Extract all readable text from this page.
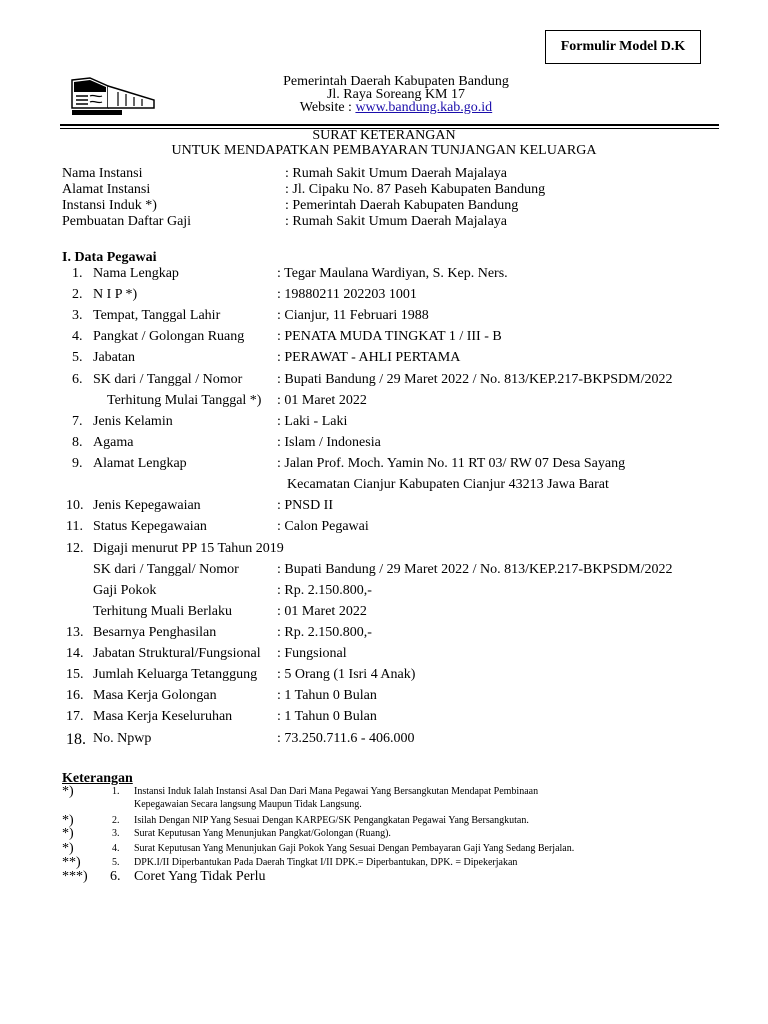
Formulir Model D.K
Pemerintah Daerah Kabupaten Bandung
Jl. Raya Soreang KM 17
Website : www.bandung.kab.go.id
SURAT KETERANGAN
UNTUK MENDAPATKAN PEMBAYARAN TUNJANGAN KELUARGA
Nama Instansi	: Rumah Sakit Umum Daerah Majalaya
Alamat Instansi	: Jl. Cipaku No. 87 Paseh Kabupaten Bandung
Instansi Induk *)	: Pemerintah Daerah Kabupaten Bandung
Pembuatan Daftar Gaji	: Rumah Sakit Umum Daerah Majalaya
I. Data Pegawai
1. Nama Lengkap	: Tegar Maulana Wardiyan, S. Kep. Ners.
2. N I P *)	: 19880211 202203 1001
3. Tempat, Tanggal Lahir	: Cianjur, 11 Februari 1988
4. Pangkat / Golongan Ruang : PENATA MUDA TINGKAT 1 / III - B
5. Jabatan	: PERAWAT - AHLI PERTAMA
6. SK dari / Tanggal / Nomor : Bupati Bandung / 29 Maret 2022 / No. 813/KEP.217-BKPSDM/2022
Terhitung Mulai Tanggal *) : 01 Maret 2022
7. Jenis Kelamin	: Laki - Laki
8. Agama	: Islam / Indonesia
9. Alamat Lengkap	: Jalan Prof. Moch. Yamin No. 11 RT 03/ RW 07 Desa Sayang
Kecamatan Cianjur Kabupaten Cianjur 43213 Jawa Barat
10. Jenis Kepegawaian	: PNSD II
11. Status Kepegawaian	: Calon Pegawai
12. Digaji menurut PP 15 Tahun 2019
SK dari / Tanggal/ Nomor	: Bupati Bandung / 29 Maret 2022 / No. 813/KEP.217-BKPSDM/2022
Gaji Pokok	: Rp. 2.150.800,-
Terhitung Muali Berlaku	: 01 Maret 2022
13. Besarnya Penghasilan	: Rp. 2.150.800,-
14. Jabatan Struktural/Fungsional : Fungsional
15. Jumlah Keluarga Tetanggung : 5 Orang (1 Isri 4 Anak)
16. Masa Kerja Golongan	: 1 Tahun 0 Bulan
17. Masa Kerja Keseluruhan	: 1 Tahun 0 Bulan
18. No. Npwp	: 73.250.711.6 - 406.000
Keterangan
*)	1. Instansi Induk Ialah Instansi Asal Dan Dari Mana Pegawai Yang Bersangkutan Mendapat Pembinaan
Kepegawaian Secara langsung Maupun Tidak Langsung.
*)	2. Isilah Dengan NIP Yang Sesuai Dengan KARPEG/SK Pengangkatan Pegawai Yang Bersangkutan.
*)	3. Surat Keputusan Yang Menunjukan Pangkat/Golongan (Ruang).
*)	4. Surat Keputusan Yang Menunjukan Gaji Pokok Yang Sesuai Dengan Pembayaran Gaji Yang Sedang Berjalan.
**)	5. DPK.I/II Diperbantukan Pada Daerah Tingkat I/II DPK.= Diperbantukan, DPK. = Dipekerjakan
***) 6. Coret Yang Tidak Perlu
